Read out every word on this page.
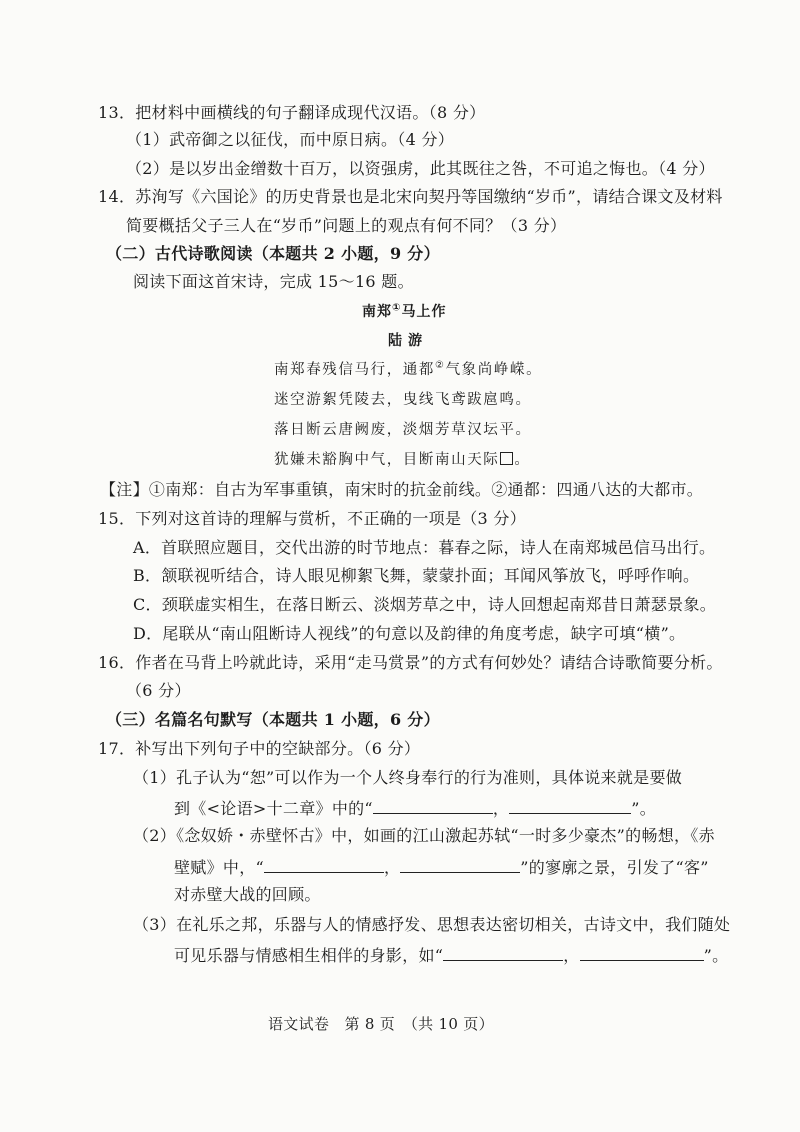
13．把材料中画横线的句子翻译成现代汉语。（8 分）
（1）武帝御之以征伐，而中原日病。（4 分）
（2）是以岁出金缯数十百万，以资强虏，此其既往之咎，不可追之悔也。（4 分）
14．苏洵写《六国论》的历史背景也是北宋向契丹等国缴纳“岁币”，请结合课文及材料
简要概括父子三人在“岁币”问题上的观点有何不同？（3 分）
（二）古代诗歌阅读（本题共 2 小题，9 分）
阅读下面这首宋诗，完成 15～16 题。
南郑①马上作
陆游
南郑春残信马行，通都②气象尚峥嵘。
迷空游絮凭陵去，曳线飞鸢跋扈鸣。
落日断云唐阙废，淡烟芳草汉坛平。
犹嫌未豁胸中气，目断南山天际 。
【注】①南郑：自古为军事重镇，南宋时的抗金前线。②通都：四通八达的大都市。
15．下列对这首诗的理解与赏析，不正确的一项是（3 分）
A．首联照应题目，交代出游的时节地点：暮春之际，诗人在南郑城邑信马出行。
B．颔联视听结合，诗人眼见柳絮飞舞，蒙蒙扑面；耳闻风筝放飞，呼呼作响。
C．颈联虚实相生，在落日断云、淡烟芳草之中，诗人回想起南郑昔日萧瑟景象。
D．尾联从“南山阻断诗人视线”的句意以及韵律的角度考虑，缺字可填“横”。
16．作者在马背上吟就此诗，采用“走马赏景”的方式有何妙处？请结合诗歌简要分析。
（6 分）
（三）名篇名句默写（本题共 1 小题，6 分）
17．补写出下列句子中的空缺部分。（6 分）
（1）孔子认为“恕”可以作为一个人终身奉行的行为准则，具体说来就是要做
到《<论语>十二章》中的“	，	”。
（2）《念奴娇・赤壁怀古》中，如画的江山激起苏轼“一时多少豪杰”的畅想，《赤
壁赋》中，“	，	”的寥廓之景，引发了“客”
对赤壁大战的回顾。
（3）在礼乐之邦，乐器与人的情感抒发、思想表达密切相关，古诗文中，我们随处
可见乐器与情感相生相伴的身影，如“	，	”。
语文试卷　第 8 页　（共 10 页）
